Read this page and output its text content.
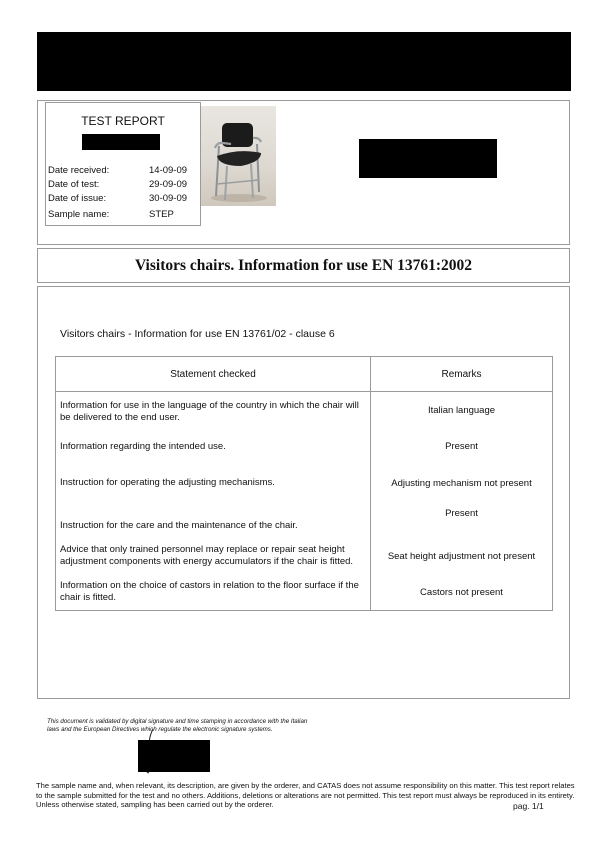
TEST REPORT
Date received:	14-09-09
Date of test:	29-09-09
Date of issue:	30-09-09
Sample name:	STEP
Visitors chairs. Information for use EN 13761:2002
Visitors chairs - Information for use EN 13761/02 - clause 6
Statement checked	Remarks
Information for use in the language of the country in which the chair will be delivered to the end user.	Italian language
Information regarding the intended use.	Present
Instruction for operating the adjusting mechanisms.	Adjusting mechanism not present
Instruction for the care and the maintenance of the chair.	Present
Advice that only trained personnel may replace or repair seat height adjustment components with energy accumulators if the chair is fitted.	Seat height adjustment not present
Information on the choice of castors in relation to the floor surface if the chair is fitted.	Castors not present
This document is validated by digital signature and time stamping in accordance with the Italian laws and the European Directives which regulate the electronic signature systems.
The sample name and, when relevant, its description, are given by the orderer, and CATAS does not assume responsibility on this matter. This test report relates to the sample submitted for the test and no others. Additions, deletions or alterations are not permitted. This test report must always be reproduced in its entirety. Unless otherwise stated, sampling has been carried out by the orderer.	pag. 1/1
